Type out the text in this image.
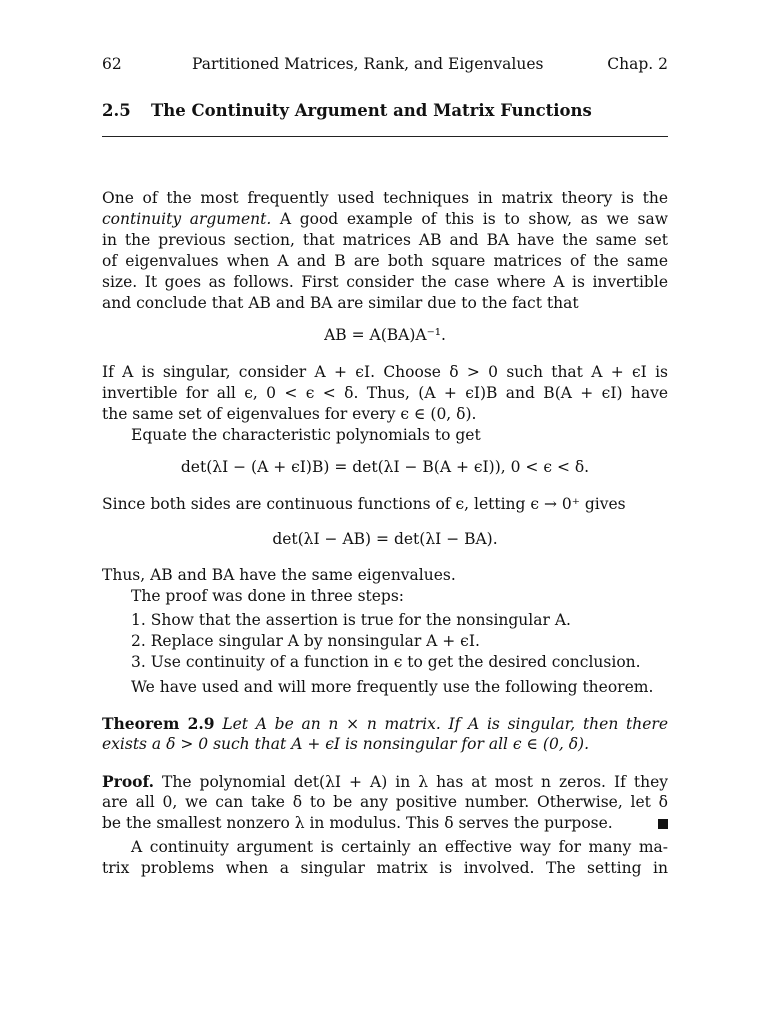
62	Partitioned Matrices, Rank, and Eigenvalues	Chap. 2
2.5 The Continuity Argument and Matrix Functions
One of the most frequently used techniques in matrix theory is the
continuity argument. A good example of this is to show, as we saw
in the previous section, that matrices AB and BA have the same set
of eigenvalues when A and B are both square matrices of the same
size. It goes as follows. First consider the case where A is invertible
and conclude that AB and BA are similar due to the fact that
AB = A(BA)A⁻¹.
If A is singular, consider A + ϵI. Choose δ > 0 such that A + ϵI is
invertible for all ϵ, 0 < ϵ < δ. Thus, (A + ϵI)B and B(A + ϵI) have
the same set of eigenvalues for every ϵ ∈ (0, δ).
Equate the characteristic polynomials to get
det(λI − (A + ϵI)B) = det(λI − B(A + ϵI)), 0 < ϵ < δ.
Since both sides are continuous functions of ϵ, letting ϵ → 0⁺ gives
det(λI − AB) = det(λI − BA).
Thus, AB and BA have the same eigenvalues.
The proof was done in three steps:
1. Show that the assertion is true for the nonsingular A.
2. Replace singular A by nonsingular A + ϵI.
3. Use continuity of a function in ϵ to get the desired conclusion.
We have used and will more frequently use the following theorem.
Theorem 2.9 Let A be an n × n matrix. If A is singular, then there
exists a δ > 0 such that A + ϵI is nonsingular for all ϵ ∈ (0, δ).
Proof. The polynomial det(λI + A) in λ has at most n zeros. If they
are all 0, we can take δ to be any positive number. Otherwise, let δ
be the smallest nonzero λ in modulus. This δ serves the purpose.
A continuity argument is certainly an effective way for many ma-
trix problems when a singular matrix is involved. The setting in
